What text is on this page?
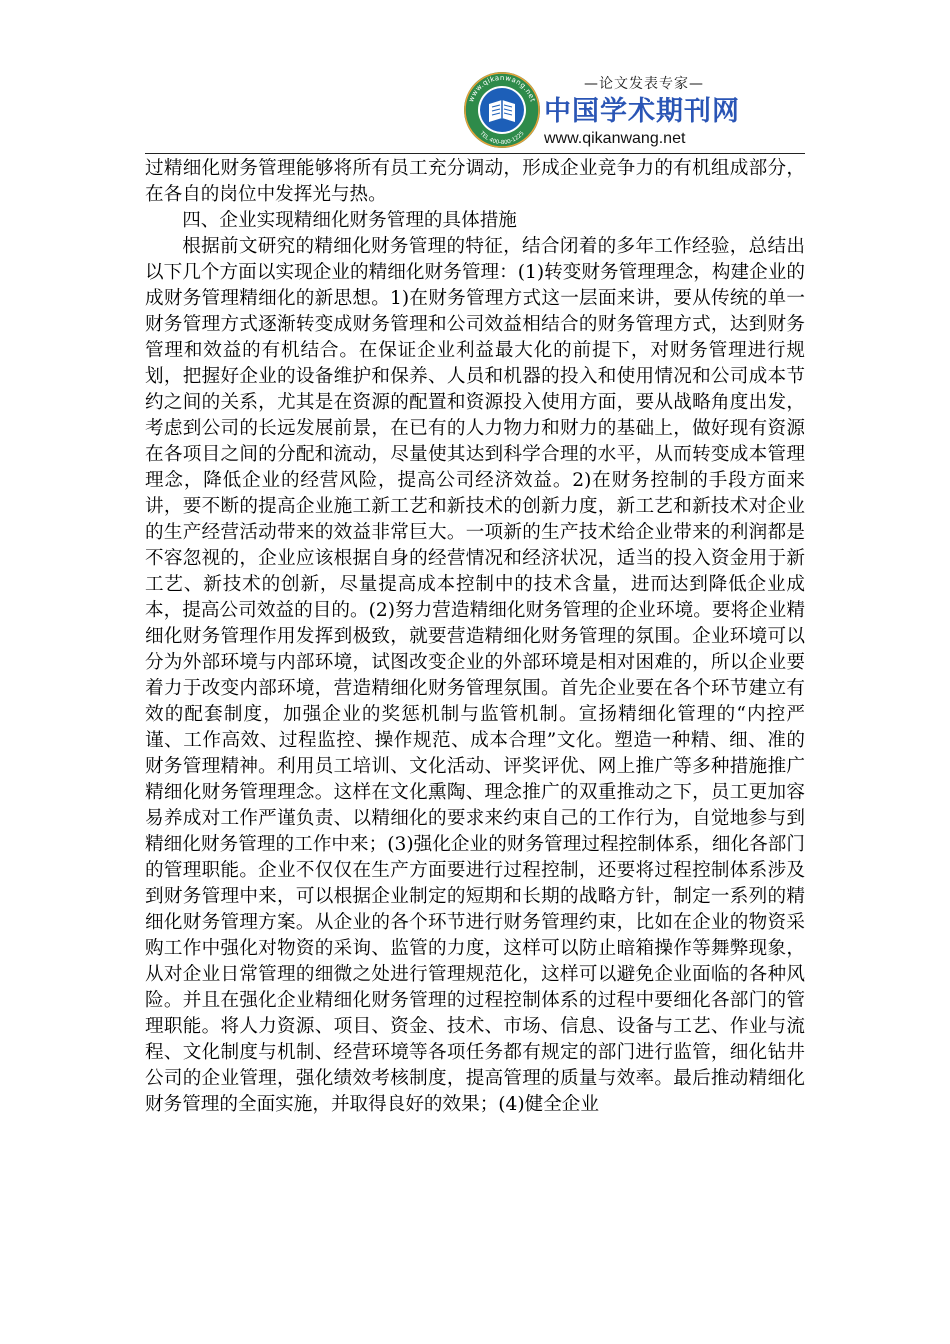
www.qikanwang.net
TEL 400-800-1225
—论文发表专家—
中国学术期刊网
www.qikanwang.net

过精细化财务管理能够将所有员工充分调动，形成企业竞争力的有机组成部分，在各自的岗位中发挥光与热。

四、企业实现精细化财务管理的具体措施

根据前文研究的精细化财务管理的特征，结合闭着的多年工作经验，总结出以下几个方面以实现企业的精细化财务管理：(1)转变财务管理理念，构建企业的成财务管理精细化的新思想。1)在财务管理方式这一层面来讲，要从传统的单一财务管理方式逐渐转变成财务管理和公司效益相结合的财务管理方式，达到财务管理和效益的有机结合。在保证企业利益最大化的前提下，对财务管理进行规划，把握好企业的设备维护和保养、人员和机器的投入和使用情况和公司成本节约之间的关系，尤其是在资源的配置和资源投入使用方面，要从战略角度出发，考虑到公司的长远发展前景，在已有的人力物力和财力的基础上，做好现有资源在各项目之间的分配和流动，尽量使其达到科学合理的水平，从而转变成本管理理念，降低企业的经营风险，提高公司经济效益。2)在财务控制的手段方面来讲，要不断的提高企业施工新工艺和新技术的创新力度，新工艺和新技术对企业的生产经营活动带来的效益非常巨大。一项新的生产技术给企业带来的利润都是不容忽视的，企业应该根据自身的经营情况和经济状况，适当的投入资金用于新工艺、新技术的创新，尽量提高成本控制中的技术含量，进而达到降低企业成本，提高公司效益的目的。(2)努力营造精细化财务管理的企业环境。要将企业精细化财务管理作用发挥到极致，就要营造精细化财务管理的氛围。企业环境可以分为外部环境与内部环境，试图改变企业的外部环境是相对困难的，所以企业要着力于改变内部环境，营造精细化财务管理氛围。首先企业要在各个环节建立有效的配套制度，加强企业的奖惩机制与监管机制。宣扬精细化管理的“内控严谨、工作高效、过程监控、操作规范、成本合理”文化。塑造一种精、细、准的财务管理精神。利用员工培训、文化活动、评奖评优、网上推广等多种措施推广精细化财务管理理念。这样在文化熏陶、理念推广的双重推动之下，员工更加容易养成对工作严谨负责、以精细化的要求来约束自己的工作行为，自觉地参与到精细化财务管理的工作中来；(3)强化企业的财务管理过程控制体系，细化各部门的管理职能。企业不仅仅在生产方面要进行过程控制，还要将过程控制体系涉及到财务管理中来，可以根据企业制定的短期和长期的战略方针，制定一系列的精细化财务管理方案。从企业的各个环节进行财务管理约束，比如在企业的物资采购工作中强化对物资的采询、监管的力度，这样可以防止暗箱操作等舞弊现象，从对企业日常管理的细微之处进行管理规范化，这样可以避免企业面临的各种风险。并且在强化企业精细化财务管理的过程控制体系的过程中要细化各部门的管理职能。将人力资源、项目、资金、技术、市场、信息、设备与工艺、作业与流程、文化制度与机制、经营环境等各项任务都有规定的部门进行监管，细化钻井公司的企业管理，强化绩效考核制度，提高管理的质量与效率。最后推动精细化财务管理的全面实施，并取得良好的效果；(4)健全企业
